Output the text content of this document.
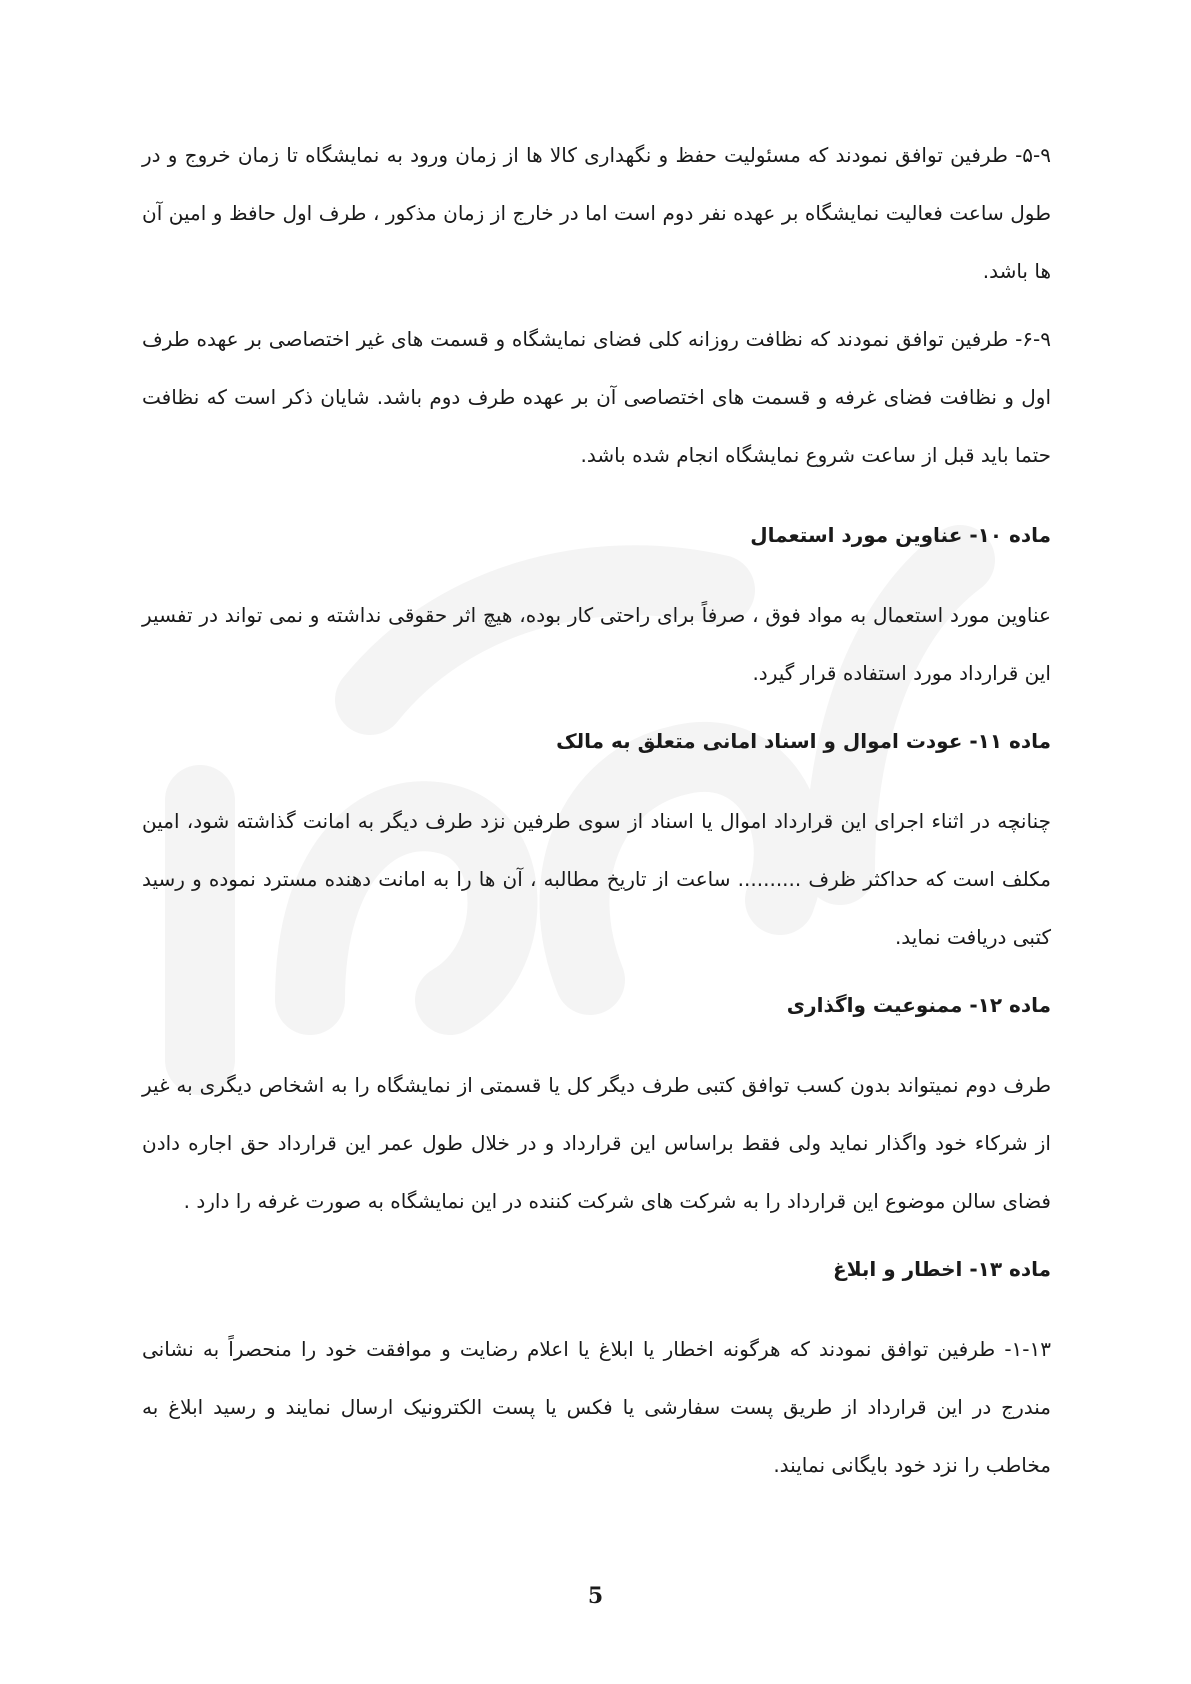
۵-۹- طرفین توافق نمودند که مسئولیت حفظ و نگهداری کالا ها از زمان ورود به نمایشگاه تا زمان خروج و در طول ساعت فعالیت نمایشگاه بر عهده نفر دوم است اما در خارج از زمان مذکور ، طرف اول حافظ و امین آن ها باشد.

۶-۹- طرفین توافق نمودند که نظافت روزانه کلی فضای نمایشگاه و قسمت های غیر اختصاصی بر عهده طرف اول و نظافت فضای غرفه و قسمت های اختصاصی آن بر عهده طرف دوم باشد. شایان ذکر است که نظافت حتما باید قبل از ساعت شروع نمایشگاه انجام شده باشد.

ماده ۱۰- عناوین مورد استعمال

عناوین مورد استعمال به مواد فوق ، صرفاً برای راحتی کار بوده، هیچ اثر حقوقی نداشته و نمی تواند در تفسیر این قرارداد مورد استفاده قرار گیرد.

ماده ۱۱- عودت اموال و اسناد امانی متعلق به مالک

چنانچه در اثناء اجرای این قرارداد اموال یا اسناد از سوی طرفین نزد طرف دیگر به امانت گذاشته شود، امین مکلف است که حداکثر ظرف .......... ساعت از تاریخ مطالبه ، آن ها را به امانت دهنده مسترد نموده و رسید کتبی دریافت نماید.

ماده ۱۲- ممنوعیت واگذاری

طرف دوم نمیتواند بدون کسب توافق کتبی طرف دیگر کل یا قسمتی از نمایشگاه را به اشخاص دیگری به غیر از شرکاء خود واگذار نماید ولی فقط براساس این قرارداد و در خلال طول عمر این قرارداد حق اجاره دادن فضای سالن موضوع این قرارداد را به شرکت های شرکت کننده در این نمایشگاه به صورت غرفه را دارد .

ماده ۱۳- اخطار و ابلاغ

۱-۱۳- طرفین توافق نمودند که هرگونه اخطار یا ابلاغ یا اعلام رضایت و موافقت خود را منحصراً به نشانی مندرج در این قرارداد از طریق پست سفارشی یا فکس یا پست الکترونیک ارسال نمایند و رسید ابلاغ به مخاطب را نزد خود بایگانی نمایند.

5
